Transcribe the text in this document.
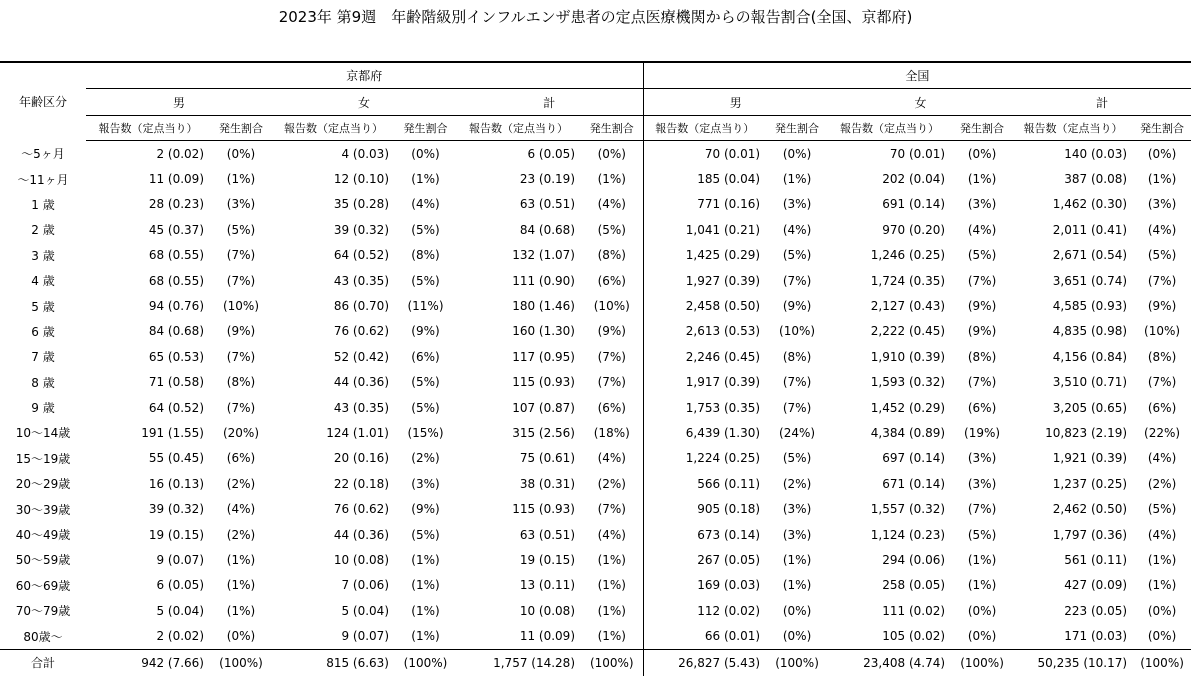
2023年 第9週　年齢階級別インフルエンザ患者の定点医療機関からの報告割合(全国、京都府)
年齢区分	京都府						全国					
	男		女		計		男		女		計	
	報告数（定点当り）	発生割合	報告数（定点当り）	発生割合	報告数（定点当り）	発生割合	報告数（定点当り）	発生割合	報告数（定点当り）	発生割合	報告数（定点当り）	発生割合
～5ヶ月	2 (0.02)	(0%)	4 (0.03)	(0%)	6 (0.05)	(0%)	70 (0.01)	(0%)	70 (0.01)	(0%)	140 (0.03)	(0%)
～11ヶ月	11 (0.09)	(1%)	12 (0.10)	(1%)	23 (0.19)	(1%)	185 (0.04)	(1%)	202 (0.04)	(1%)	387 (0.08)	(1%)
1 歳	28 (0.23)	(3%)	35 (0.28)	(4%)	63 (0.51)	(4%)	771 (0.16)	(3%)	691 (0.14)	(3%)	1,462 (0.30)	(3%)
2 歳	45 (0.37)	(5%)	39 (0.32)	(5%)	84 (0.68)	(5%)	1,041 (0.21)	(4%)	970 (0.20)	(4%)	2,011 (0.41)	(4%)
3 歳	68 (0.55)	(7%)	64 (0.52)	(8%)	132 (1.07)	(8%)	1,425 (0.29)	(5%)	1,246 (0.25)	(5%)	2,671 (0.54)	(5%)
4 歳	68 (0.55)	(7%)	43 (0.35)	(5%)	111 (0.90)	(6%)	1,927 (0.39)	(7%)	1,724 (0.35)	(7%)	3,651 (0.74)	(7%)
5 歳	94 (0.76)	(10%)	86 (0.70)	(11%)	180 (1.46)	(10%)	2,458 (0.50)	(9%)	2,127 (0.43)	(9%)	4,585 (0.93)	(9%)
6 歳	84 (0.68)	(9%)	76 (0.62)	(9%)	160 (1.30)	(9%)	2,613 (0.53)	(10%)	2,222 (0.45)	(9%)	4,835 (0.98)	(10%)
7 歳	65 (0.53)	(7%)	52 (0.42)	(6%)	117 (0.95)	(7%)	2,246 (0.45)	(8%)	1,910 (0.39)	(8%)	4,156 (0.84)	(8%)
8 歳	71 (0.58)	(8%)	44 (0.36)	(5%)	115 (0.93)	(7%)	1,917 (0.39)	(7%)	1,593 (0.32)	(7%)	3,510 (0.71)	(7%)
9 歳	64 (0.52)	(7%)	43 (0.35)	(5%)	107 (0.87)	(6%)	1,753 (0.35)	(7%)	1,452 (0.29)	(6%)	3,205 (0.65)	(6%)
10～14歳	191 (1.55)	(20%)	124 (1.01)	(15%)	315 (2.56)	(18%)	6,439 (1.30)	(24%)	4,384 (0.89)	(19%)	10,823 (2.19)	(22%)
15～19歳	55 (0.45)	(6%)	20 (0.16)	(2%)	75 (0.61)	(4%)	1,224 (0.25)	(5%)	697 (0.14)	(3%)	1,921 (0.39)	(4%)
20～29歳	16 (0.13)	(2%)	22 (0.18)	(3%)	38 (0.31)	(2%)	566 (0.11)	(2%)	671 (0.14)	(3%)	1,237 (0.25)	(2%)
30～39歳	39 (0.32)	(4%)	76 (0.62)	(9%)	115 (0.93)	(7%)	905 (0.18)	(3%)	1,557 (0.32)	(7%)	2,462 (0.50)	(5%)
40～49歳	19 (0.15)	(2%)	44 (0.36)	(5%)	63 (0.51)	(4%)	673 (0.14)	(3%)	1,124 (0.23)	(5%)	1,797 (0.36)	(4%)
50～59歳	9 (0.07)	(1%)	10 (0.08)	(1%)	19 (0.15)	(1%)	267 (0.05)	(1%)	294 (0.06)	(1%)	561 (0.11)	(1%)
60～69歳	6 (0.05)	(1%)	7 (0.06)	(1%)	13 (0.11)	(1%)	169 (0.03)	(1%)	258 (0.05)	(1%)	427 (0.09)	(1%)
70～79歳	5 (0.04)	(1%)	5 (0.04)	(1%)	10 (0.08)	(1%)	112 (0.02)	(0%)	111 (0.02)	(0%)	223 (0.05)	(0%)
80歳～	2 (0.02)	(0%)	9 (0.07)	(1%)	11 (0.09)	(1%)	66 (0.01)	(0%)	105 (0.02)	(0%)	171 (0.03)	(0%)
合計	942 (7.66)	(100%)	815 (6.63)	(100%)	1,757 (14.28)	(100%)	26,827 (5.43)	(100%)	23,408 (4.74)	(100%)	50,235 (10.17)	(100%)
